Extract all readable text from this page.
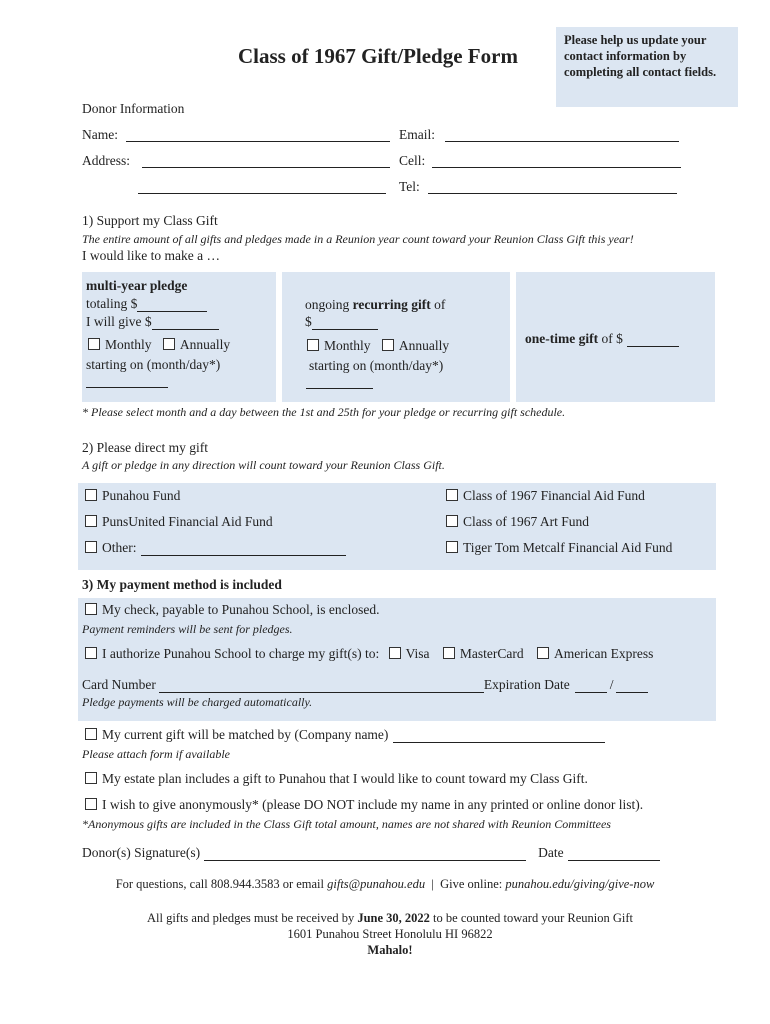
Class of 1967 Gift/Pledge Form
Please help us update your contact information by completing all contact fields.
Donor Information
Name:	Email:
Address:	Cell:
Tel:
1) Support my Class Gift
The entire amount of all gifts and pledges made in a Reunion year count toward your Reunion Class Gift this year!
I would like to make a …
multi-year pledge
totaling $
I will give $
Monthly Annually
starting on (month/day*)
ongoing recurring gift of
$
Monthly Annually
starting on (month/day*)
one-time gift of $
* Please select month and a day between the 1st and 25th for your pledge or recurring gift schedule.
2) Please direct my gift
A gift or pledge in any direction will count toward your Reunion Class Gift.
Punahou Fund
PunsUnited Financial Aid Fund
Other:
Class of 1967 Financial Aid Fund
Class of 1967 Art Fund
Tiger Tom Metcalf Financial Aid Fund
3) My payment method is included
My check, payable to Punahou School, is enclosed.
Payment reminders will be sent for pledges.
I authorize Punahou School to charge my gift(s) to: Visa MasterCard American Express
Card Number	Expiration Date	/
Pledge payments will be charged automatically.
My current gift will be matched by (Company name)
Please attach form if available
My estate plan includes a gift to Punahou that I would like to count toward my Class Gift.
I wish to give anonymously* (please DO NOT include my name in any printed or online donor list).
*Anonymous gifts are included in the Class Gift total amount, names are not shared with Reunion Committees
Donor(s) Signature(s)	Date
For questions, call 808.944.3583 or email gifts@punahou.edu  |  Give online: punahou.edu/giving/give-now
All gifts and pledges must be received by June 30, 2022 to be counted toward your Reunion Gift
1601 Punahou Street Honolulu HI 96822
Mahalo!
